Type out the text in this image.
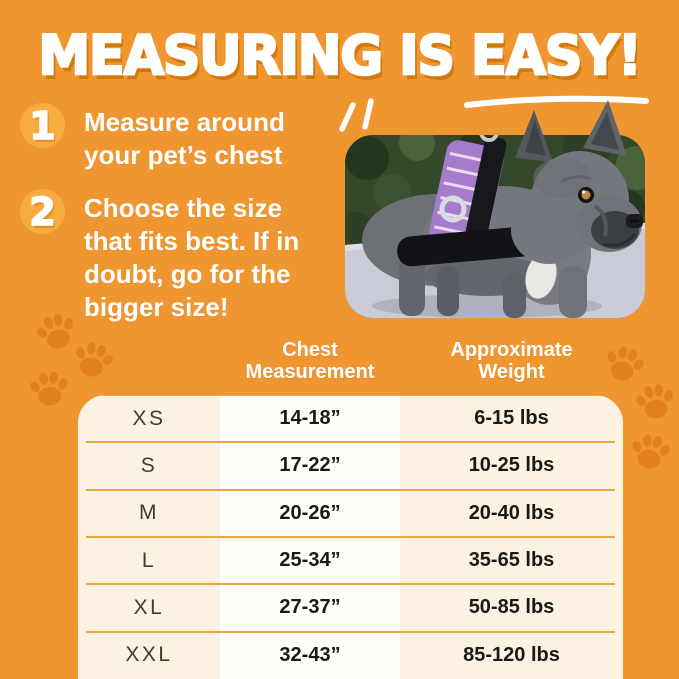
MEASURING IS EASY!
1	Measure around your pet’s chest
2	Choose the size that fits best. If in doubt, go for the bigger size!
Chest
Measurement
Approximate
Weight
XS	14-18”	6-15 lbs
S	17-22”	10-25 lbs
M	20-26”	20-40 lbs
L	25-34”	35-65 lbs
XL	27-37”	50-85 lbs
XXL	32-43”	85-120 lbs
